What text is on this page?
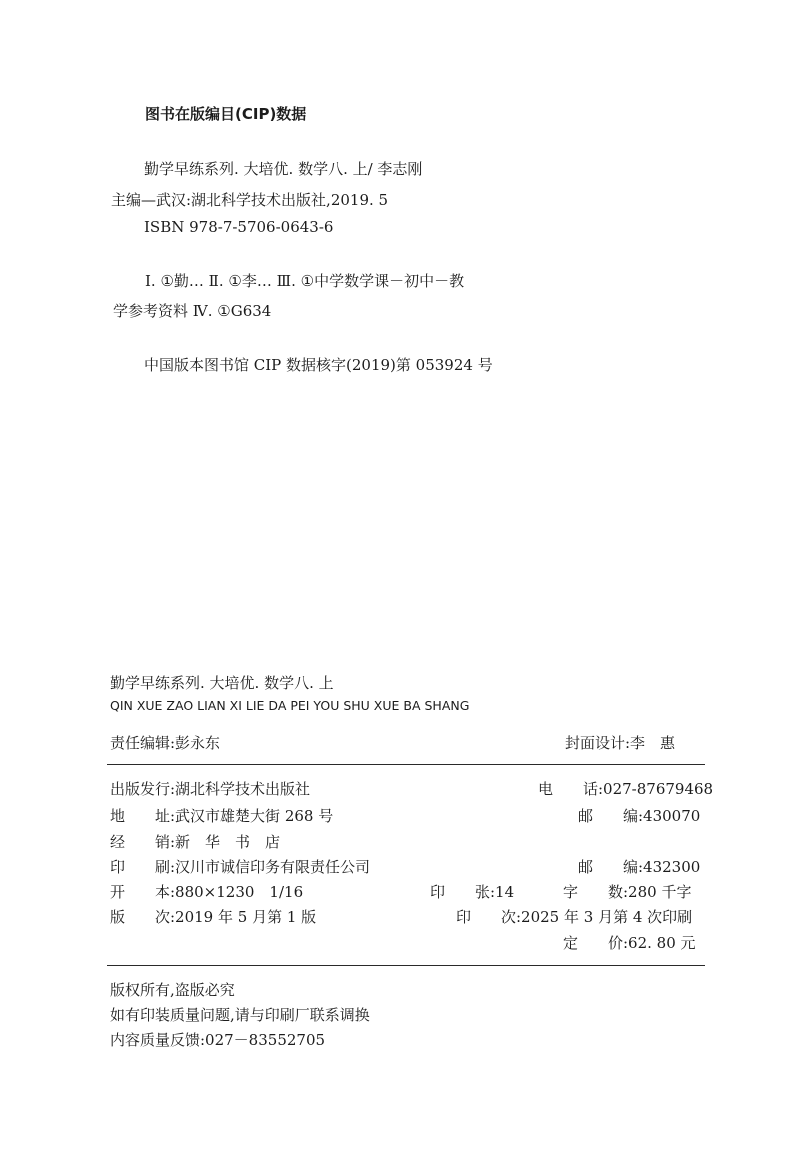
图书在版编目(CIP)数据
勤学早练系列. 大培优. 数学八. 上/ 李志刚
主编—武汉:湖北科学技术出版社,2019. 5
ISBN 978-7-5706-0643-6
Ⅰ. ①勤… Ⅱ. ①李… Ⅲ. ①中学数学课－初中－教
学参考资料 Ⅳ. ①G634
中国版本图书馆 CIP 数据核字(2019)第 053924 号
勤学早练系列. 大培优. 数学八. 上
QIN XUE ZAO LIAN XI LIE DA PEI YOU SHU XUE BA SHANG
责任编辑:彭永东	封面设计:李　惠
出版发行:湖北科学技术出版社	电　　话:027-87679468
地　　址:武汉市雄楚大街 268 号	邮　　编:430070
经　　销:新　华　书　店
印　　刷:汉川市诚信印务有限责任公司	邮　　编:432300
开　　本:880×1230　1/16	印　　张:14	字　　数:280 千字
版　　次:2019 年 5 月第 1 版	印　　次:2025 年 3 月第 4 次印刷
定　　价:62. 80 元
版权所有,盗版必究
如有印装质量问题,请与印刷厂联系调换
内容质量反馈:027－83552705
